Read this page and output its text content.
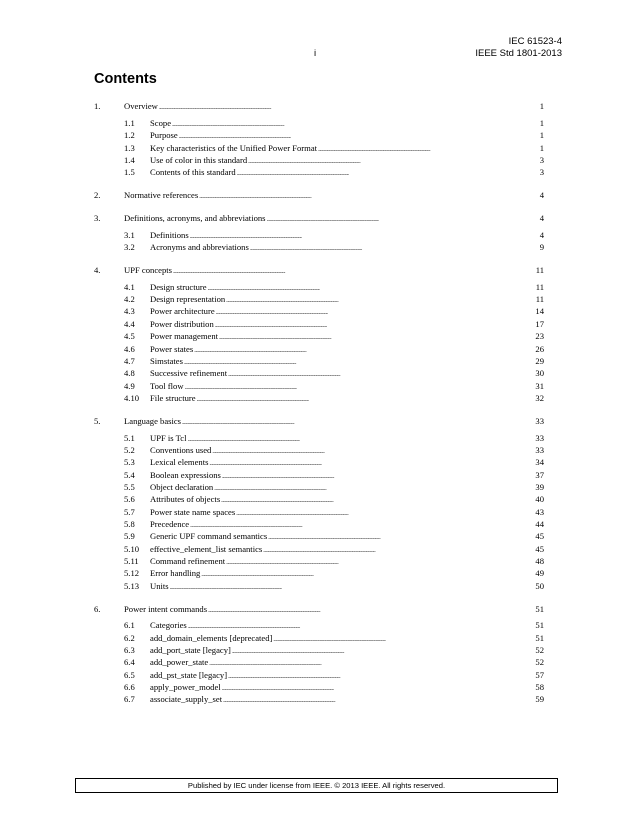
IEC 61523-4
IEEE Std 1801-2013
i
Contents
1.	Overview . . .	1
1.1	Scope . . .	1
1.2	Purpose . . .	1
1.3	Key characteristics of the Unified Power Format . . .	1
1.4	Use of color in this standard . . .	3
1.5	Contents of this standard . . .	3
2.	Normative references . . .	4
3.	Definitions, acronyms, and abbreviations . . .	4
3.1	Definitions . . .	4
3.2	Acronyms and abbreviations . . .	9
4.	UPF concepts . . .	11
4.1	Design structure . . .	11
4.2	Design representation . . .	11
4.3	Power architecture . . .	14
4.4	Power distribution . . .	17
4.5	Power management . . .	23
4.6	Power states . . .	26
4.7	Simstates . . .	29
4.8	Successive refinement . . .	30
4.9	Tool flow . . .	31
4.10	File structure . . .	32
5.	Language basics . . .	33
5.1	UPF is Tcl . . .	33
5.2	Conventions used . . .	33
5.3	Lexical elements . . .	34
5.4	Boolean expressions . . .	37
5.5	Object declaration . . .	39
5.6	Attributes of objects . . .	40
5.7	Power state name spaces . . .	43
5.8	Precedence . . .	44
5.9	Generic UPF command semantics . . .	45
5.10	effective_element_list semantics . . .	45
5.11	Command refinement . . .	48
5.12	Error handling . . .	49
5.13	Units . . .	50
6.	Power intent commands . . .	51
6.1	Categories . . .	51
6.2	add_domain_elements [deprecated] . . .	51
6.3	add_port_state [legacy] . . .	52
6.4	add_power_state . . .	52
6.5	add_pst_state [legacy] . . .	57
6.6	apply_power_model . . .	58
6.7	associate_supply_set . . .	59
Published by IEC under license from IEEE. © 2013 IEEE. All rights reserved.
